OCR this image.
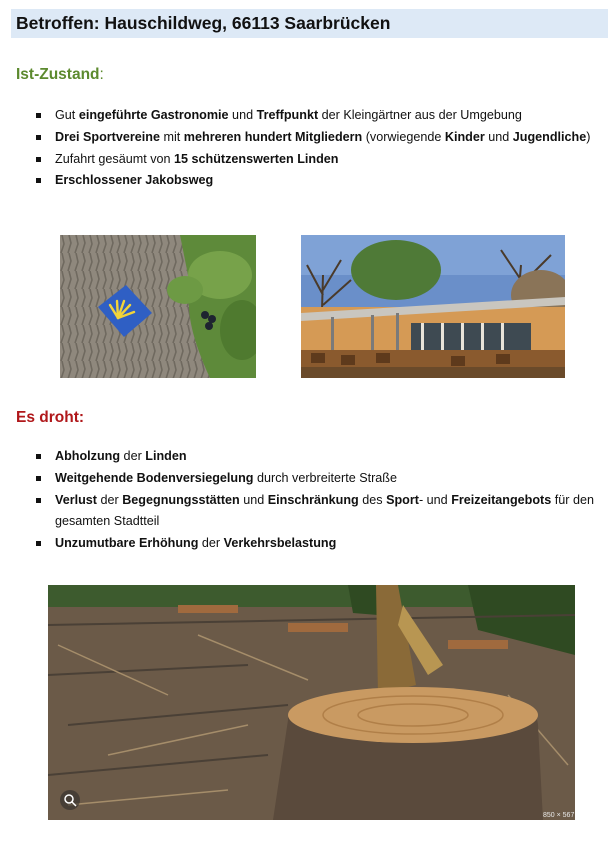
Betroffen: Hauschildweg, 66113 Saarbrücken
Ist-Zustand:
Gut eingeführte Gastronomie und Treffpunkt der Kleingärtner aus der Umgebung
Drei Sportvereine mit mehreren hundert Mitgliedern (vorwiegende Kinder und Jugendliche)
Zufahrt gesäumt von 15 schützenswerten Linden
Erschlossener Jakobsweg
Es droht:
Abholzung der Linden
Weitgehende Bodenversiegelung durch verbreiterte Straße
Verlust der Begegnungsstätten und Einschränkung des Sport- und Freizeitangebots für den gesamten Stadtteil
Unzumutbare Erhöhung der Verkehrsbelastung
850 × 567
